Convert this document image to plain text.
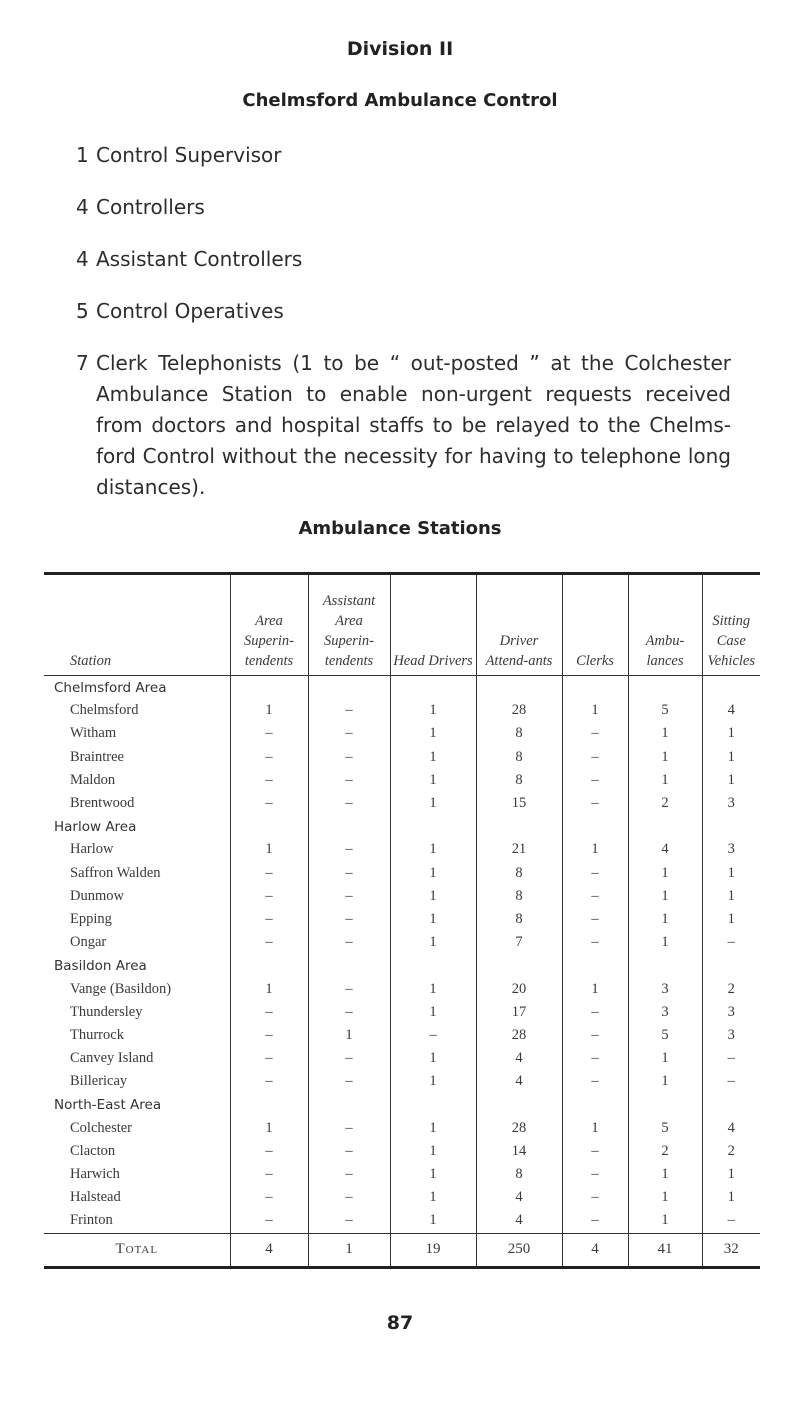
Division II
Chelmsford Ambulance Control
1 Control Supervisor
4 Controllers
4 Assistant Controllers
5 Control Operatives
7 Clerk Telephonists (1 to be “ out-posted ” at the Colchester Ambulance Station to enable non-urgent requests received from doctors and hospital staffs to be relayed to the Chelms-ford Control without the necessity for having to telephone long distances).
Ambulance Stations
Station	Area Superin-tendents	Assistant Area Superin-tendents	Head Drivers	Driver Attend-ants	Clerks	Ambu-lances	Sitting Case Vehicles
Chelmsford Area							
Chelmsford	1	–	1	28	1	5	4
Witham	–	–	1	8	–	1	1
Braintree	–	–	1	8	–	1	1
Maldon	–	–	1	8	–	1	1
Brentwood	–	–	1	15	–	2	3
Harlow Area							
Harlow	1	–	1	21	1	4	3
Saffron Walden	–	–	1	8	–	1	1
Dunmow	–	–	1	8	–	1	1
Epping	–	–	1	8	–	1	1
Ongar	–	–	1	7	–	1	–
Basildon Area							
Vange (Basildon)	1	–	1	20	1	3	2
Thundersley	–	–	1	17	–	3	3
Thurrock	–	1	–	28	–	5	3
Canvey Island	–	–	1	4	–	1	–
Billericay	–	–	1	4	–	1	–
North-East Area							
Colchester	1	–	1	28	1	5	4
Clacton	–	–	1	14	–	2	2
Harwich	–	–	1	8	–	1	1
Halstead	–	–	1	4	–	1	1
Frinton	–	–	1	4	–	1	–
Total	4	1	19	250	4	41	32
87
